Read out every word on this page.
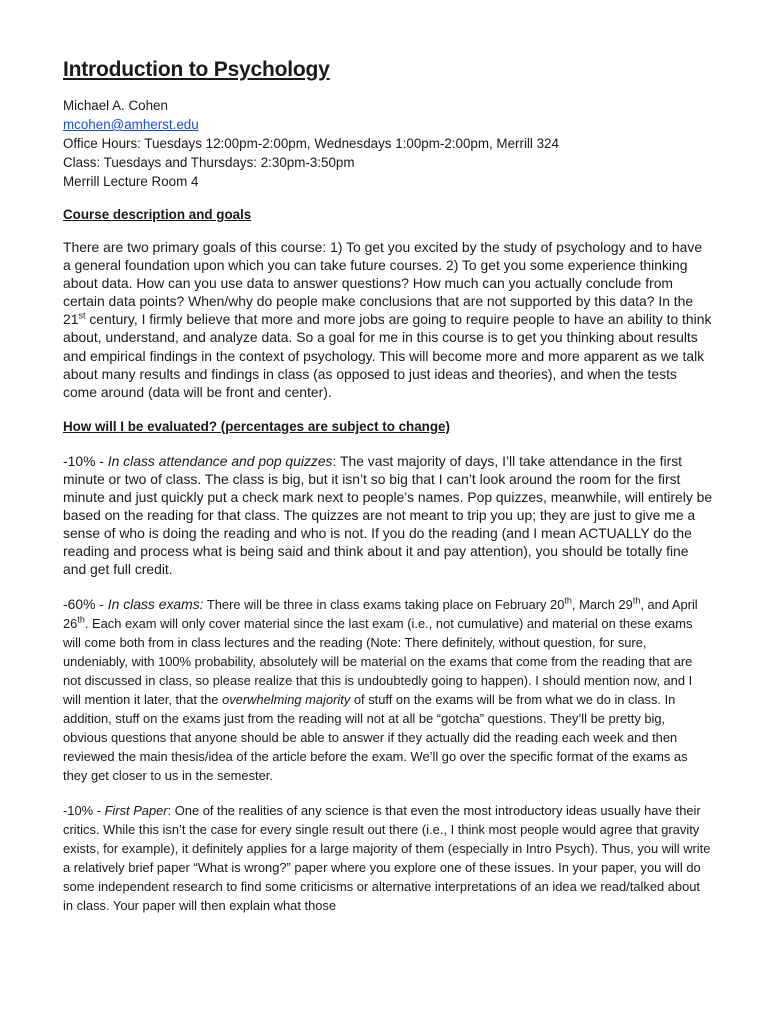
Introduction to Psychology
Michael A. Cohen
mcohen@amherst.edu
Office Hours: Tuesdays 12:00pm-2:00pm, Wednesdays 1:00pm-2:00pm, Merrill 324
Class: Tuesdays and Thursdays: 2:30pm-3:50pm
Merrill Lecture Room 4
Course description and goals

There are two primary goals of this course: 1) To get you excited by the study of psychology and to have a general foundation upon which you can take future courses. 2) To get you some experience thinking about data. How can you use data to answer questions? How much can you actually conclude from certain data points? When/why do people make conclusions that are not supported by this data? In the 21st century, I firmly believe that more and more jobs are going to require people to have an ability to think about, understand, and analyze data. So a goal for me in this course is to get you thinking about results and empirical findings in the context of psychology. This will become more and more apparent as we talk about many results and findings in class (as opposed to just ideas and theories), and when the tests come around (data will be front and center).

How will I be evaluated? (percentages are subject to change)

-10% - In class attendance and pop quizzes: The vast majority of days, I’ll take attendance in the first minute or two of class. The class is big, but it isn’t so big that I can’t look around the room for the first minute and just quickly put a check mark next to people’s names. Pop quizzes, meanwhile, will entirely be based on the reading for that class. The quizzes are not meant to trip you up; they are just to give me a sense of who is doing the reading and who is not. If you do the reading (and I mean ACTUALLY do the reading and process what is being said and think about it and pay attention), you should be totally fine and get full credit.

-60% - In class exams: There will be three in class exams taking place on February 20th, March 29th, and April 26th. Each exam will only cover material since the last exam (i.e., not cumulative) and material on these exams will come both from in class lectures and the reading (Note: There definitely, without question, for sure, undeniably, with 100% probability, absolutely will be material on the exams that come from the reading that are not discussed in class, so please realize that this is undoubtedly going to happen). I should mention now, and I will mention it later, that the overwhelming majority of stuff on the exams will be from what we do in class. In addition, stuff on the exams just from the reading will not at all be “gotcha” questions. They’ll be pretty big, obvious questions that anyone should be able to answer if they actually did the reading each week and then reviewed the main thesis/idea of the article before the exam. We’ll go over the specific format of the exams as they get closer to us in the semester.

-10% - First Paper: One of the realities of any science is that even the most introductory ideas usually have their critics. While this isn’t the case for every single result out there (i.e., I think most people would agree that gravity exists, for example), it definitely applies for a large majority of them (especially in Intro Psych). Thus, you will write a relatively brief paper “What is wrong?” paper where you explore one of these issues. In your paper, you will do some independent research to find some criticisms or alternative interpretations of an idea we read/talked about in class. Your paper will then explain what those
